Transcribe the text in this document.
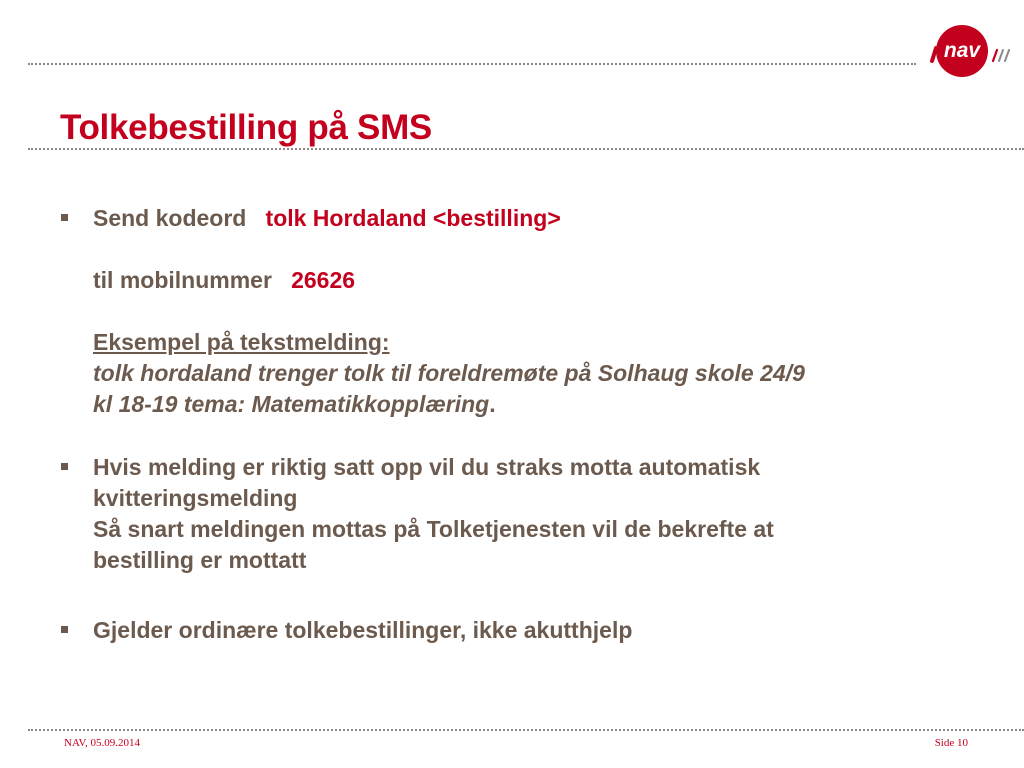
nav
Tolkebestilling på SMS
Send kodeord tolk Hordaland <bestilling>
til mobilnummer 26626
Eksempel på tekstmelding:
tolk hordaland trenger tolk til foreldremøte på Solhaug skole 24/9
kl 18-19 tema: Matematikkopplæring.
Hvis melding er riktig satt opp vil du straks motta automatisk
kvitteringsmelding
Så snart meldingen mottas på Tolketjenesten vil de bekrefte at
bestilling er mottatt
Gjelder ordinære tolkebestillinger, ikke akutthjelp
NAV, 05.09.2014	Side 10
